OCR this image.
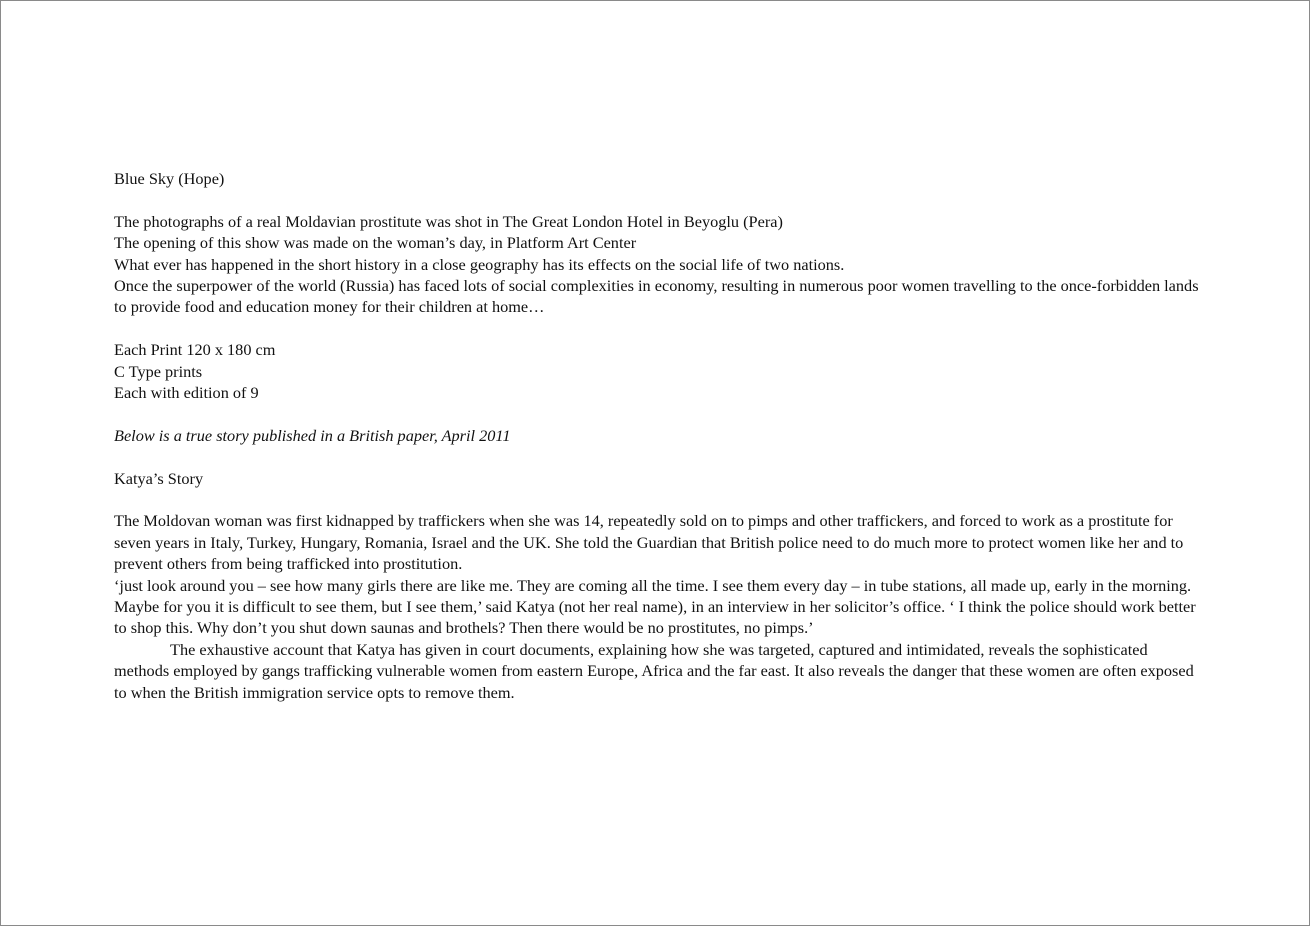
Blue Sky (Hope)

The photographs of a real Moldavian prostitute was shot in The Great London Hotel in Beyoglu (Pera)

The opening of this show was made on the woman’s day, in Platform Art Center

What ever has happened in the short history in a close geography has its effects on the social life of two nations.

Once the superpower of the world (Russia) has faced lots of social complexities in economy, resulting in numerous poor women travelling to the once-forbidden lands to provide food and education money for their children at home…

Each Print 120 x 180 cm

C Type prints

Each with edition of 9

Below is a true story published in a British paper, April 2011

Katya’s Story

The Moldovan woman was first kidnapped by traffickers when she was 14, repeatedly sold on to pimps and other traffickers, and forced to work as a prostitute for seven years in Italy, Turkey, Hungary, Romania, Israel and the UK. She told the Guardian that British police need to do much more to protect women like her and to prevent others from being trafficked into prostitution.

‘just look around you – see how many girls there are like me. They are coming all the time. I see them every day – in tube stations, all made up, early in the morning. Maybe for you it is difficult to see them, but I see them,’ said Katya (not her real name), in an interview in her solicitor’s office. ‘ I think the police should work better to shop this. Why don’t you shut down saunas and brothels? Then there would be no prostitutes, no pimps.’

The exhaustive account that Katya has given in court documents, explaining how she was targeted, captured and intimidated, reveals the sophisticated methods employed by gangs trafficking vulnerable women from eastern Europe, Africa and the far east. It also reveals the danger that these women are often exposed to when the British immigration service opts to remove them.
